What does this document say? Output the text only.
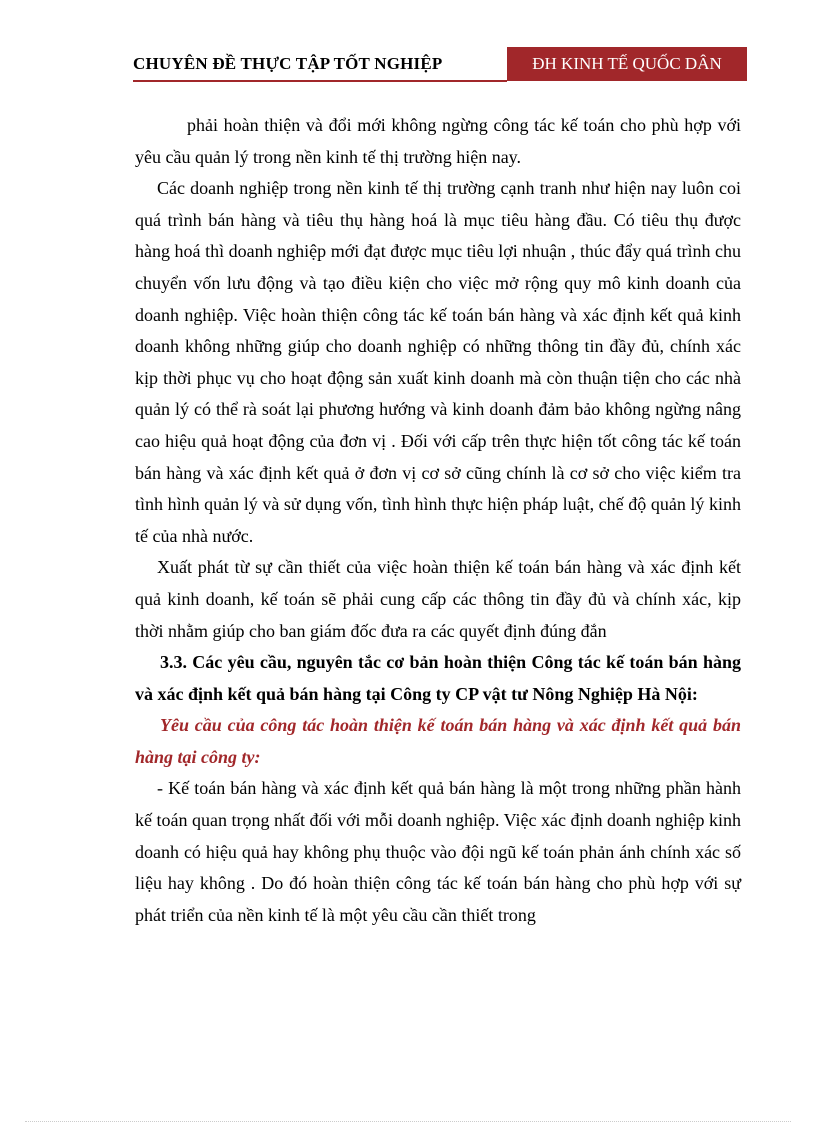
CHUYÊN ĐỀ THỰC TẬP TỐT NGHIỆP	ĐH KINH TẾ QUỐC DÂN

phải hoàn thiện và đổi mới không ngừng công tác kế toán cho phù hợp với yêu cầu quản lý trong nền kinh tế thị trường hiện nay.

Các doanh nghiệp trong nền kinh tế thị trường cạnh tranh như hiện nay luôn coi quá trình bán hàng và tiêu thụ hàng hoá là mục tiêu hàng đầu. Có tiêu thụ được hàng hoá thì doanh nghiệp mới đạt được mục tiêu lợi nhuận , thúc đẩy quá trình chu chuyển vốn lưu động và tạo điều kiện cho việc mở rộng quy mô kinh doanh của doanh nghiệp. Việc hoàn thiện công tác kế toán bán hàng và xác định kết quả kinh doanh không những giúp cho doanh nghiệp có những thông tin đầy đủ, chính xác kịp thời phục vụ cho hoạt động sản xuất kinh doanh mà còn thuận tiện cho các nhà quản lý có thể rà soát lại phương hướng và kinh doanh đảm bảo không ngừng nâng cao hiệu quả hoạt động của đơn vị . Đối với cấp trên thực hiện tốt công tác kế toán bán hàng và xác định kết quả ở đơn vị cơ sở cũng chính là cơ sở cho việc kiểm tra tình hình quản lý và sử dụng vốn, tình hình thực hiện pháp luật, chế độ quản lý kinh tế của nhà nước.

Xuất phát từ sự cần thiết của việc hoàn thiện kế toán bán hàng và xác định kết quả kinh doanh, kế toán sẽ phải cung cấp các thông tin đầy đủ và chính xác, kịp thời nhằm giúp cho ban giám đốc đưa ra các quyết định đúng đắn

3.3. Các yêu cầu, nguyên tắc cơ bản hoàn thiện Công tác kế toán bán hàng và xác định kết quả bán hàng tại Công ty CP vật tư Nông Nghiệp Hà Nội:

Yêu cầu của công tác hoàn thiện kế toán bán hàng và xác định kết quả bán hàng tại công ty:

- Kế toán bán hàng và xác định kết quả bán hàng là một trong những phần hành kế toán quan trọng nhất đối với mỗi doanh nghiệp. Việc xác định doanh nghiệp kinh doanh có hiệu quả hay không phụ thuộc vào đội ngũ kế toán phản ánh chính xác số liệu hay không . Do đó hoàn thiện công tác kế toán bán hàng cho phù hợp với sự phát triển của nền kinh tế là một yêu cầu cần thiết trong
